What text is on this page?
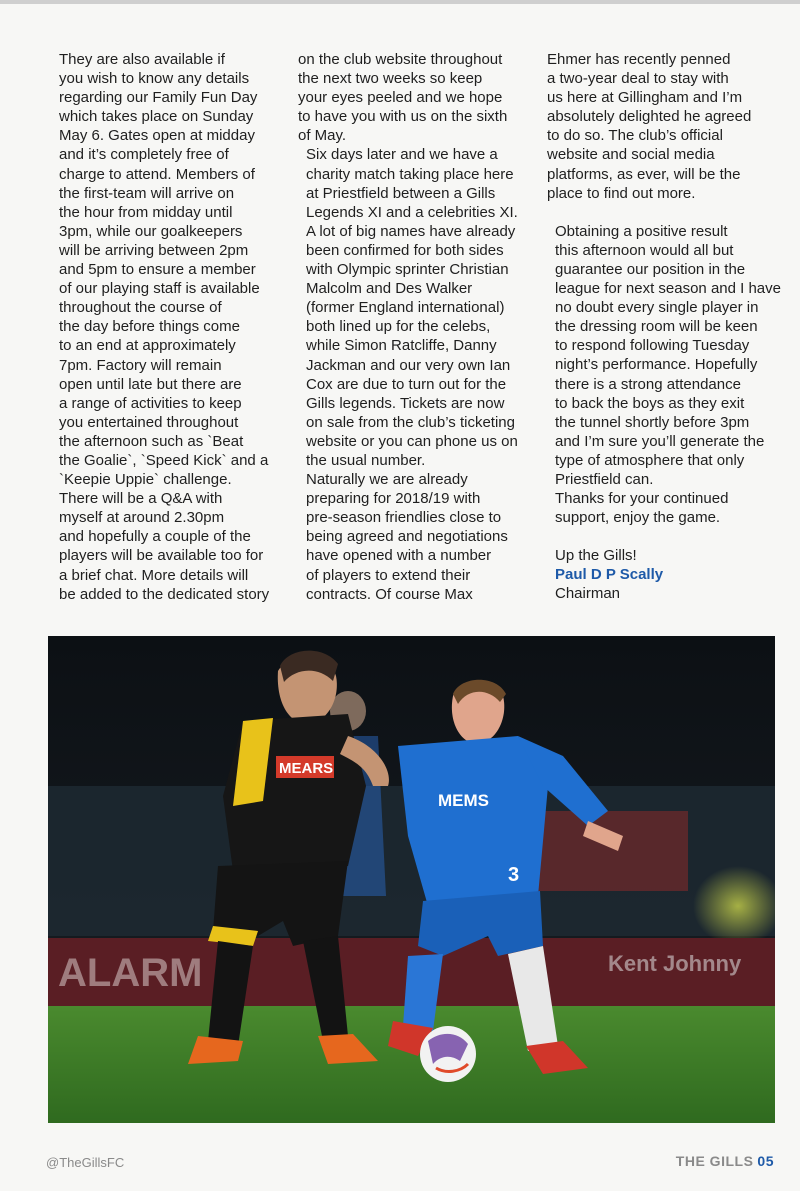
They are also available if
you wish to know any details
regarding our Family Fun Day
which takes place on Sunday
May 6. Gates open at midday
and it’s completely free of
charge to attend. Members of
the first-team will arrive on
the hour from midday until
3pm, while our goalkeepers
will be arriving between 2pm
and 5pm to ensure a member
of our playing staff is available
throughout the course of
the day before things come
to an end at approximately
7pm. Factory will remain
open until late but there are
a range of activities to keep
you entertained throughout
the afternoon such as `Beat
the Goalie`, `Speed Kick` and a
`Keepie Uppie` challenge.

There will be a Q&A with
myself at around 2.30pm
and hopefully a couple of the
players will be available too for
a brief chat. More details will
be added to the dedicated story

on the club website throughout
the next two weeks so keep
your eyes peeled and we hope
to have you with us on the sixth
of May.

Six days later and we have a
charity match taking place here
at Priestfield between a Gills
Legends XI and a celebrities XI.
A lot of big names have already
been confirmed for both sides
with Olympic sprinter Christian
Malcolm and Des Walker
(former England international)
both lined up for the celebs,
while Simon Ratcliffe, Danny
Jackman and our very own Ian
Cox are due to turn out for the
Gills legends. Tickets are now
on sale from the club’s ticketing
website or you can phone us on
the usual number.

Naturally we are already
preparing for 2018/19 with
pre-season friendlies close to
being agreed and negotiations
have opened with a number
of players to extend their
contracts. Of course Max

Ehmer has recently penned
a two-year deal to stay with
us here at Gillingham and I’m
absolutely delighted he agreed
to do so. The club’s official
website and social media
platforms, as ever, will be the
place to find out more.

Obtaining a positive result
this afternoon would all but
guarantee our position in the
league for next season and I have
no doubt every single player in
the dressing room will be keen
to respond following Tuesday
night’s performance. Hopefully
there is a strong attendance
to back the boys as they exit
the tunnel shortly before 3pm
and I’m sure you’ll generate the
type of atmosphere that only
Priestfield can.

Thanks for your continued
support, enjoy the game.

Up the Gills!
Paul D P Scally
Chairman

ALARM	Kent Johnny
MEARS
MEMS
3
@TheGillsFC	THE GILLS 05
